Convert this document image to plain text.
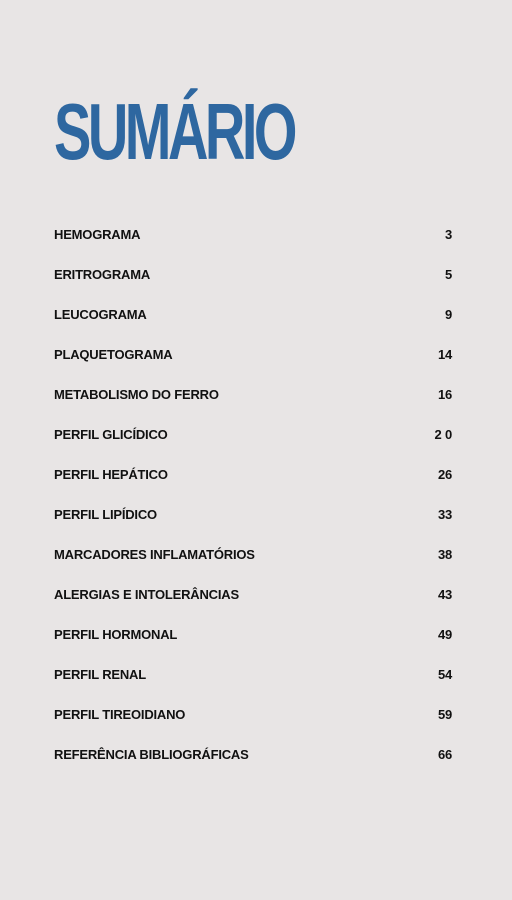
SUMÁRIO
HEMOGRAMA	3
ERITROGRAMA	5
LEUCOGRAMA	9
PLAQUETOGRAMA	14
METABOLISMO DO FERRO	16
PERFIL GLICÍDICO	2 0
PERFIL HEPÁTICO	26
PERFIL LIPÍDICO	33
MARCADORES INFLAMATÓRIOS	38
ALERGIAS E INTOLERÂNCIAS	43
PERFIL HORMONAL	49
PERFIL RENAL	54
PERFIL TIREOIDIANO	59
REFERÊNCIA BIBLIOGRÁFICAS	66
